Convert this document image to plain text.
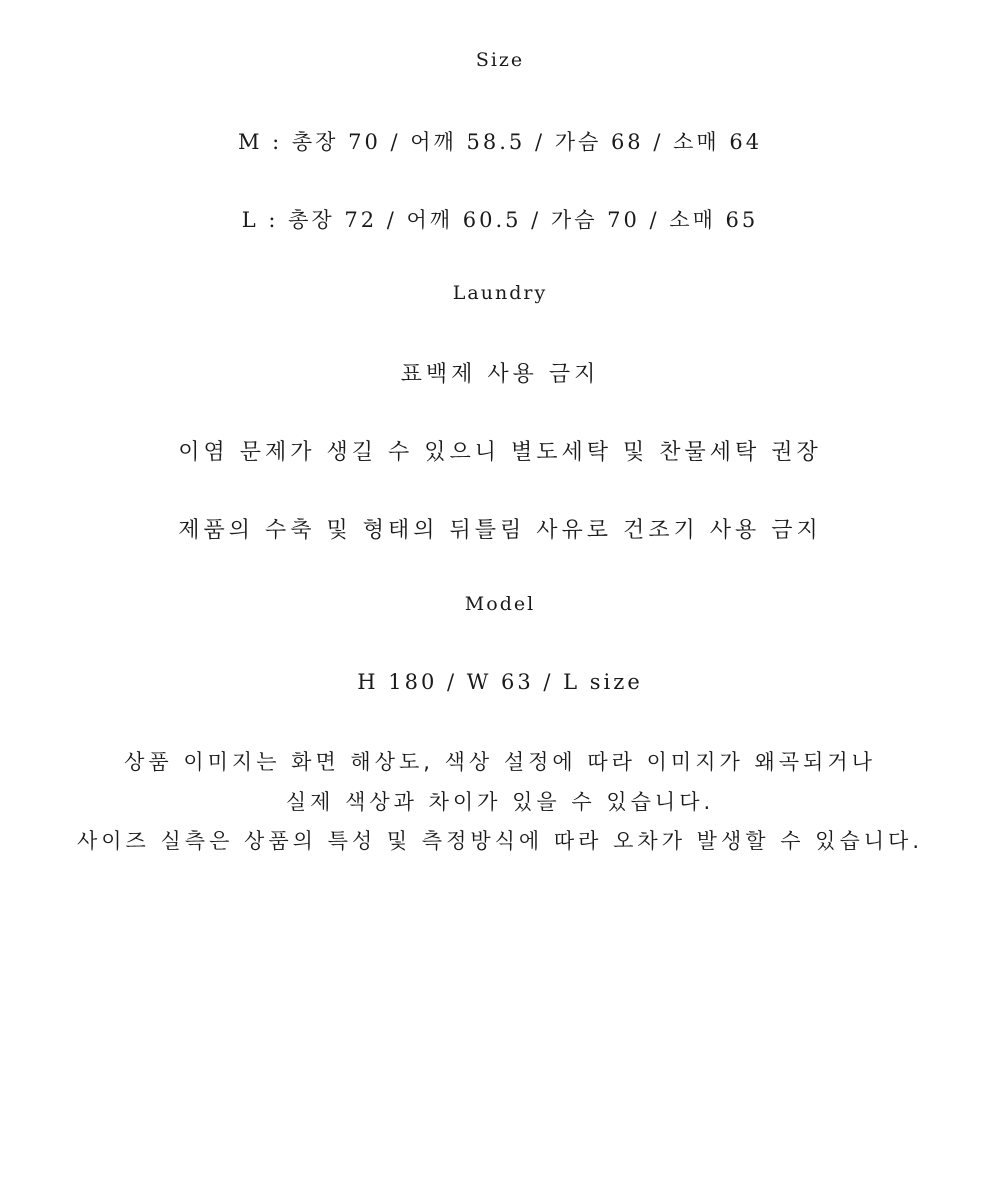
Size
M : 총장 70 / 어깨 58.5 / 가슴 68 / 소매 64
L : 총장 72 / 어깨 60.5 / 가슴 70 / 소매 65
Laundry
표백제 사용 금지
이염 문제가 생길 수 있으니 별도세탁 및 찬물세탁 권장
제품의 수축 및 형태의 뒤틀림 사유로 건조기 사용 금지
Model
H 180 / W 63 / L size
상품 이미지는 화면 해상도, 색상 설정에 따라 이미지가 왜곡되거나
실제 색상과 차이가 있을 수 있습니다.
사이즈 실측은 상품의 특성 및 측정방식에 따라 오차가 발생할 수 있습니다.
